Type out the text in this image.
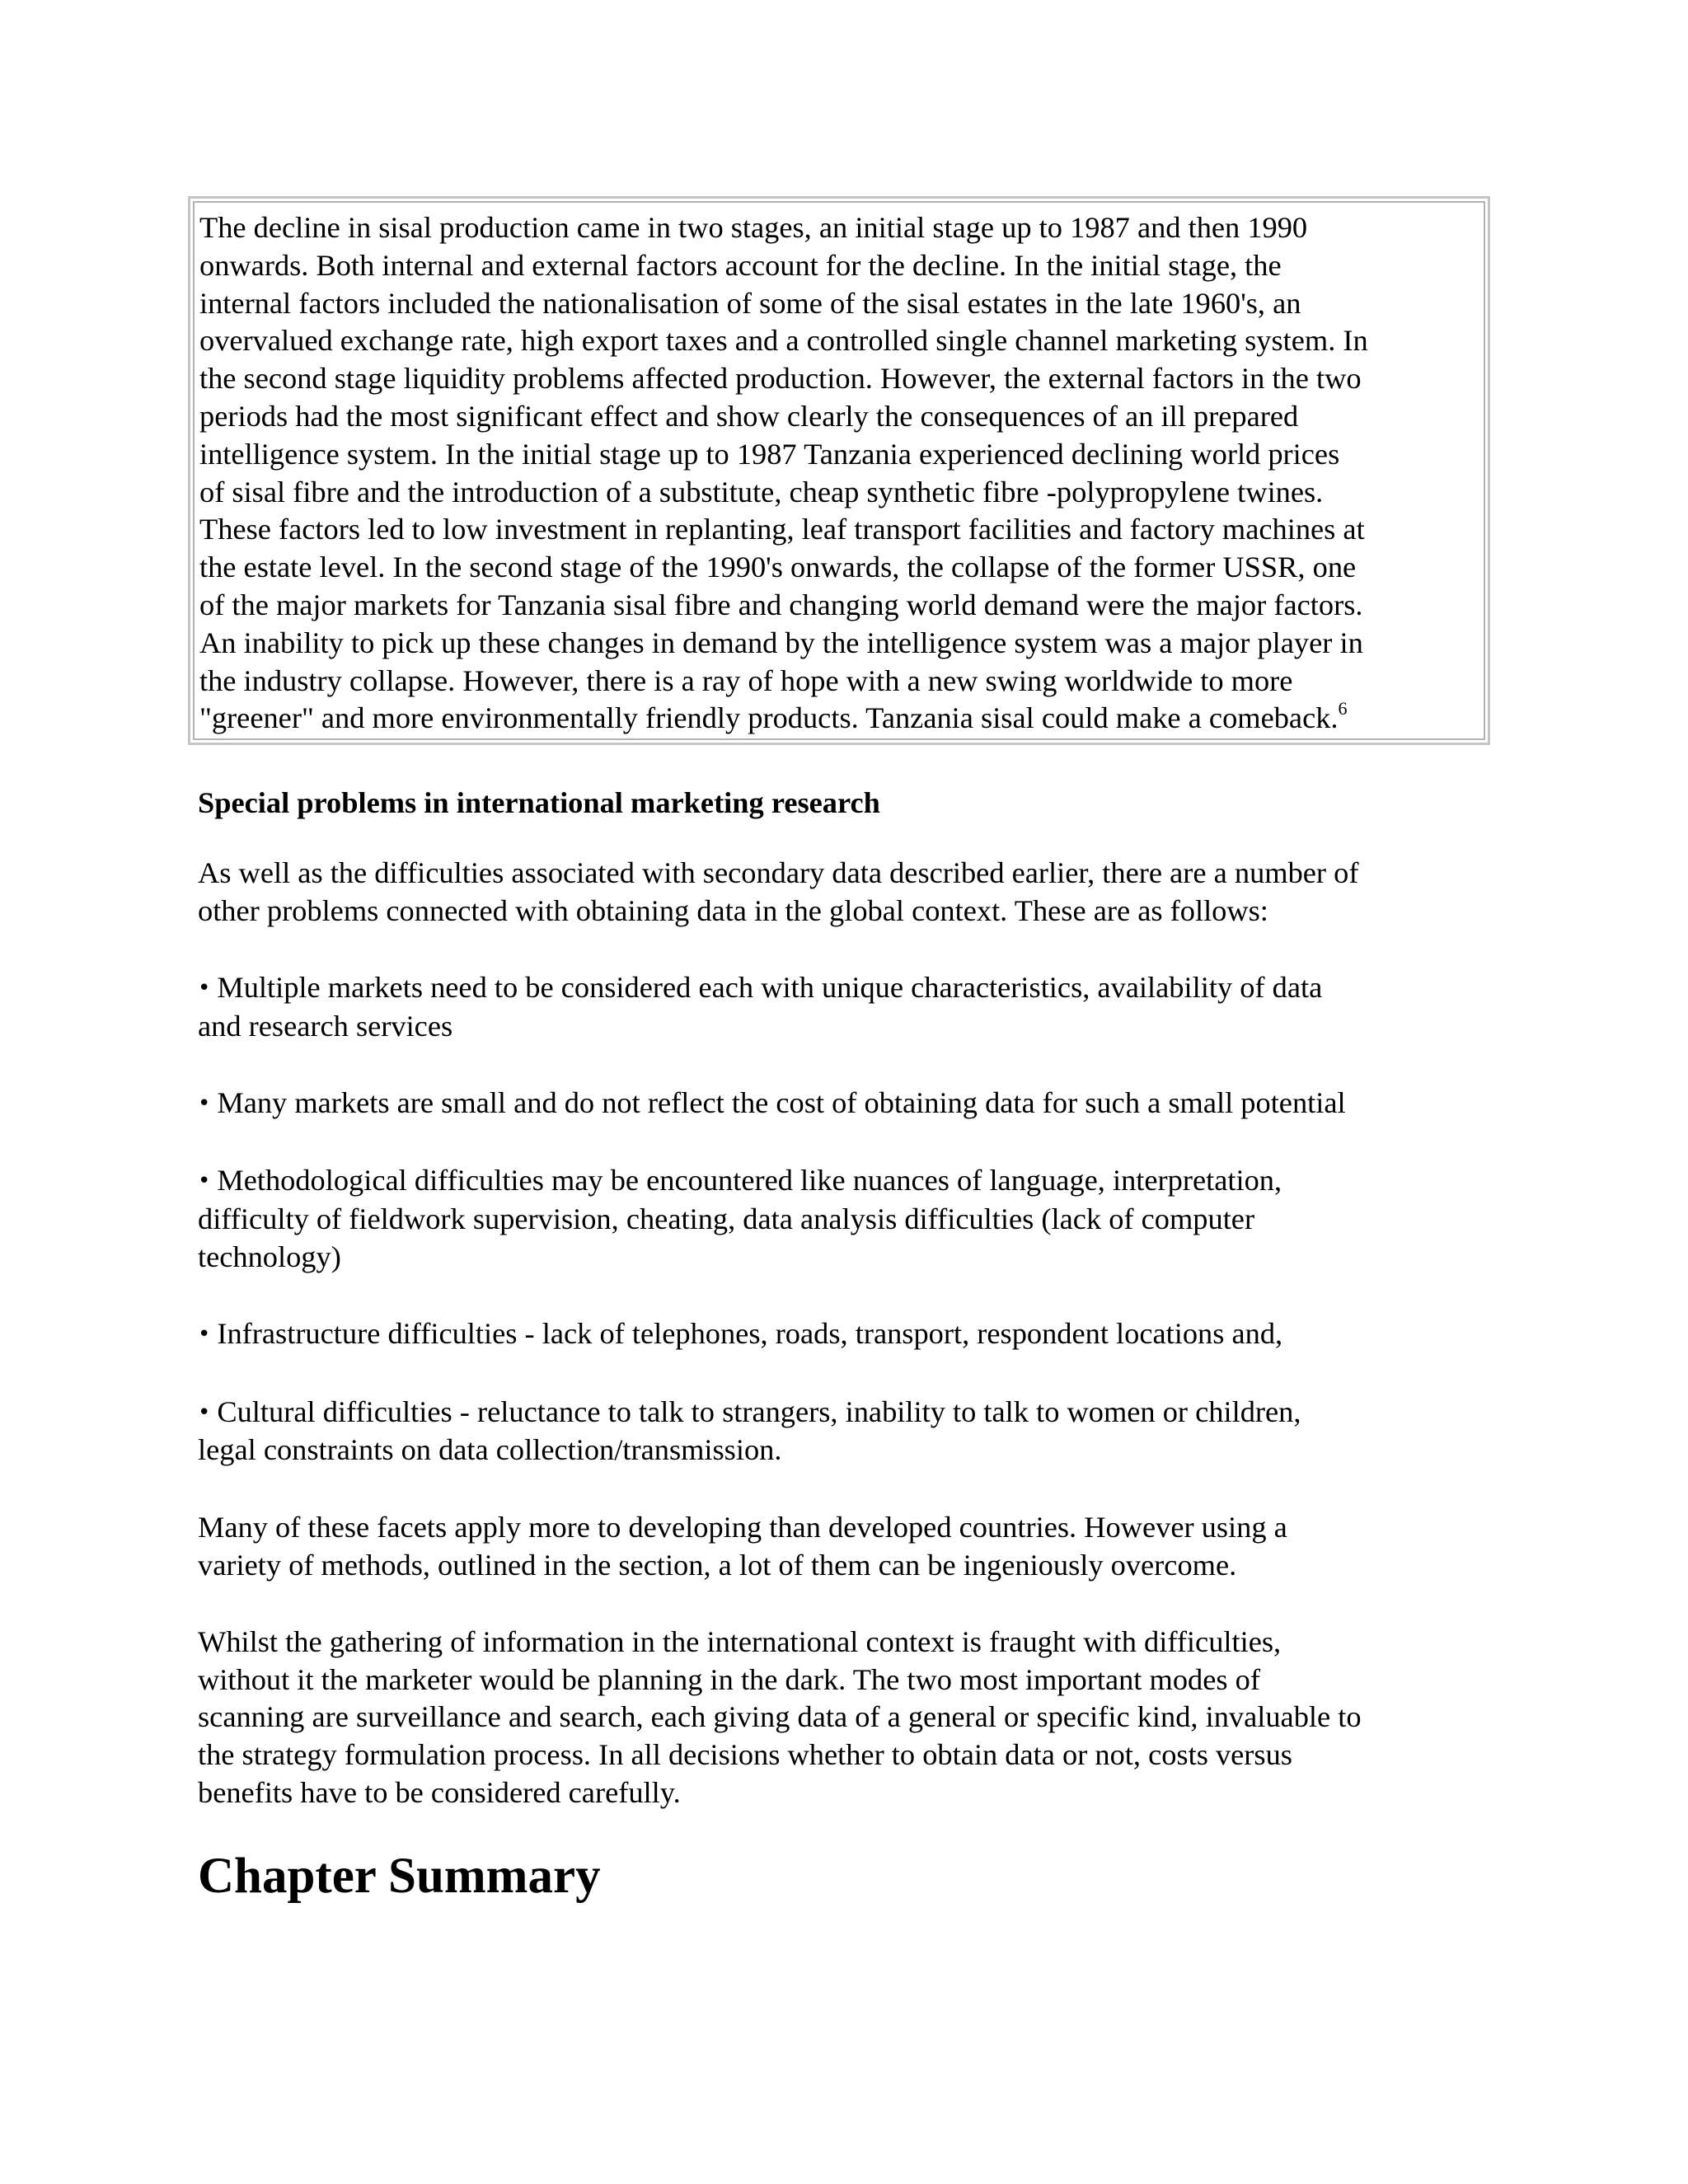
The decline in sisal production came in two stages, an initial stage up to 1987 and then 1990
onwards. Both internal and external factors account for the decline. In the initial stage, the
internal factors included the nationalisation of some of the sisal estates in the late 1960's, an
overvalued exchange rate, high export taxes and a controlled single channel marketing system. In
the second stage liquidity problems affected production. However, the external factors in the two
periods had the most significant effect and show clearly the consequences of an ill prepared
intelligence system. In the initial stage up to 1987 Tanzania experienced declining world prices
of sisal fibre and the introduction of a substitute, cheap synthetic fibre -polypropylene twines.
These factors led to low investment in replanting, leaf transport facilities and factory machines at
the estate level. In the second stage of the 1990's onwards, the collapse of the former USSR, one
of the major markets for Tanzania sisal fibre and changing world demand were the major factors.
An inability to pick up these changes in demand by the intelligence system was a major player in
the industry collapse. However, there is a ray of hope with a new swing worldwide to more
"greener" and more environmentally friendly products. Tanzania sisal could make a comeback.$^6$

Special problems in international marketing research

As well as the difficulties associated with secondary data described earlier, there are a number of
other problems connected with obtaining data in the global context. These are as follows:

• Multiple markets need to be considered each with unique characteristics, availability of data
and research services

• Many markets are small and do not reflect the cost of obtaining data for such a small potential

• Methodological difficulties may be encountered like nuances of language, interpretation,
difficulty of fieldwork supervision, cheating, data analysis difficulties (lack of computer
technology)

• Infrastructure difficulties - lack of telephones, roads, transport, respondent locations and,

• Cultural difficulties - reluctance to talk to strangers, inability to talk to women or children,
legal constraints on data collection/transmission.

Many of these facets apply more to developing than developed countries. However using a
variety of methods, outlined in the section, a lot of them can be ingeniously overcome.

Whilst the gathering of information in the international context is fraught with difficulties,
without it the marketer would be planning in the dark. The two most important modes of
scanning are surveillance and search, each giving data of a general or specific kind, invaluable to
the strategy formulation process. In all decisions whether to obtain data or not, costs versus
benefits have to be considered carefully.

Chapter Summary
